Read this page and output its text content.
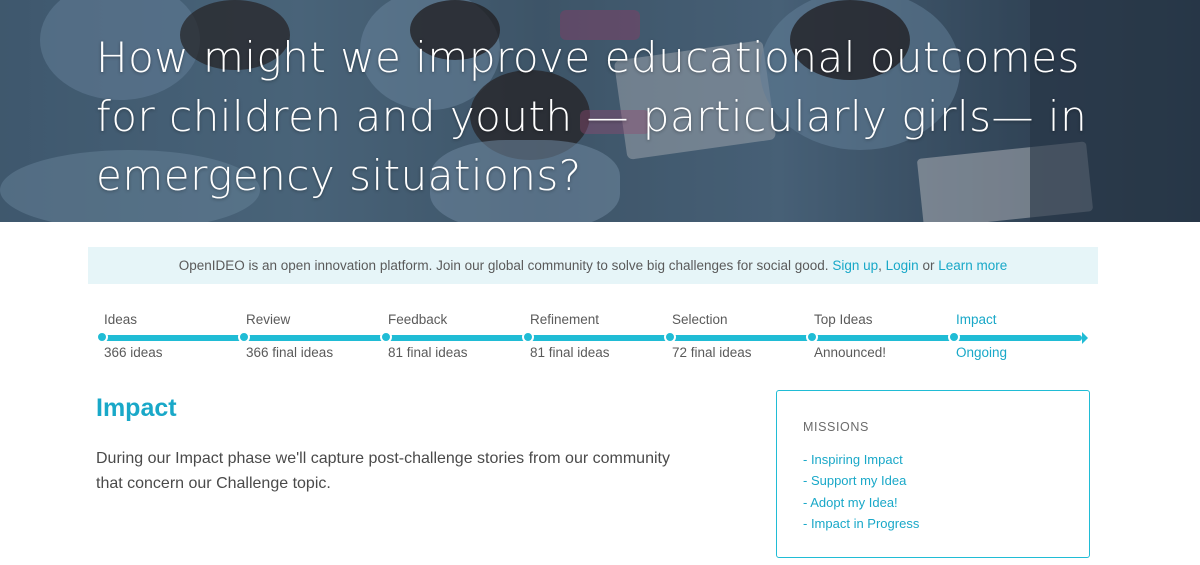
How might we improve educational outcomes for children and youth — particularly girls— in emergency situations?
OpenIDEO is an open innovation platform. Join our global community to solve big challenges for social good. Sign up, Login or Learn more
Ideas
366 ideas
Review
366 final ideas
Feedback
81 final ideas
Refinement
81 final ideas
Selection
72 final ideas
Top Ideas
Announced!
Impact
Ongoing
Impact

During our Impact phase we'll capture post-challenge stories from our community that concern our Challenge topic.

MISSIONS
- Inspiring Impact
- Support my Idea
- Adopt my Idea!
- Impact in Progress
